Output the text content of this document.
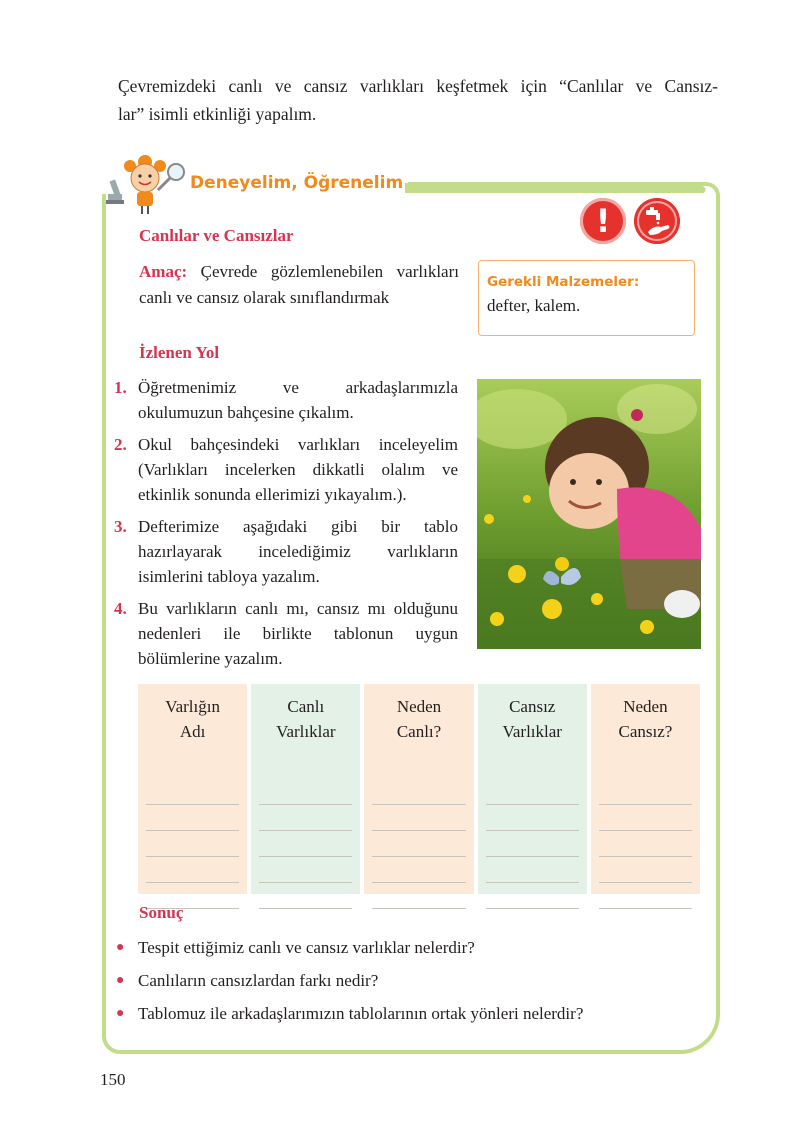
Çevremizdeki canlı ve cansız varlıkları keşfetmek için “Canlılar ve Cansız-

lar” isimli etkinliği yapalım.

Deneyelim, Öğrenelim
!
Canlılar ve Cansızlar
Amaç: Çevrede gözlemlenebilen varlıkları canlı ve cansız olarak sınıflandırmak
Gerekli Malzemeler: defter, kalem.
İzlenen Yol
1. Öğretmenimiz ve arkadaşlarımızla okulumuzun bahçesine çıkalım.
2. Okul bahçesindeki varlıkları inceleyelim (Varlıkları incelerken dikkatli olalım ve etkinlik sonunda ellerimizi yıkayalım.).
3. Defterimize aşağıdaki gibi bir tablo hazırlayarak incelediğimiz varlıkların isimlerini tabloya yazalım.
4. Bu varlıkların canlı mı, cansız mı olduğunu nedenleri ile birlikte tablonun uygun bölümlerine yazalım.
Varlığın
Adı
Canlı
Varlıklar
Neden
Canlı?
Cansız
Varlıklar
Neden
Cansız?
Sonuç
● Tespit ettiğimiz canlı ve cansız varlıklar nelerdir?
● Canlıların cansızlardan farkı nedir?
● Tablomuz ile arkadaşlarımızın tablolarının ortak yönleri nelerdir?
150
